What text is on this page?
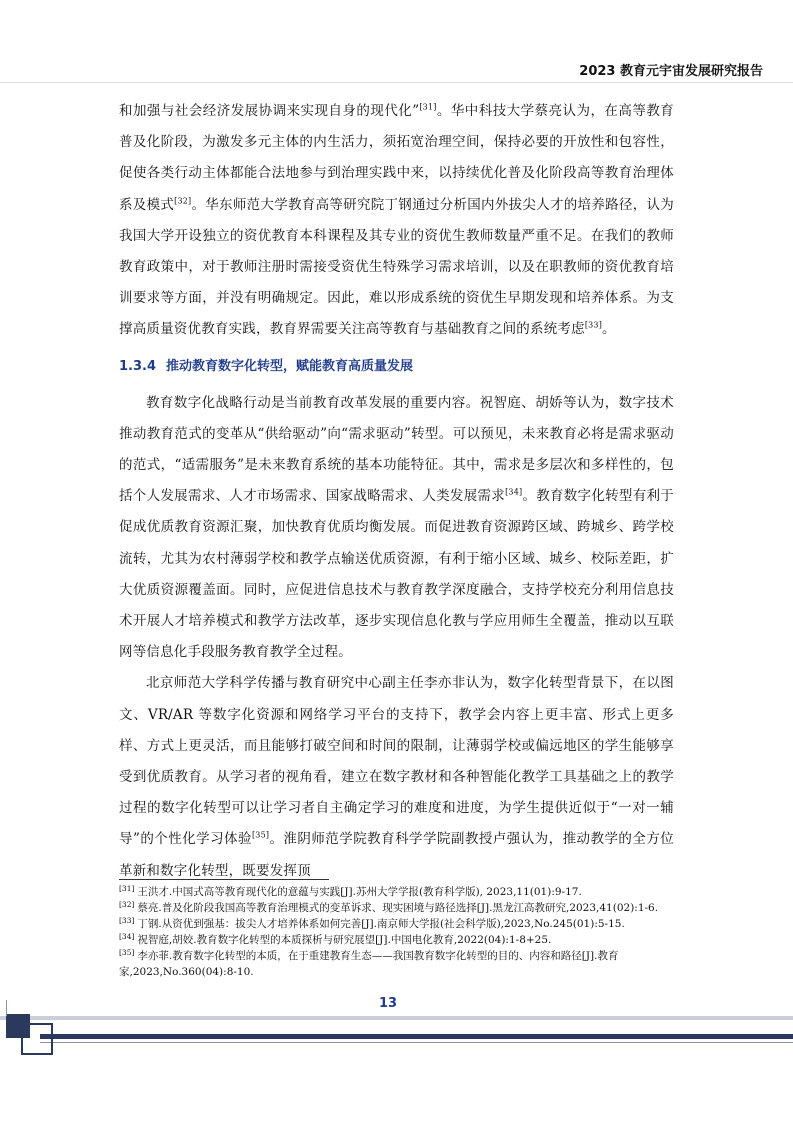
2023 教育元宇宙发展研究报告

和加强与社会经济发展协调来实现自身的现代化”[31]。华中科技大学蔡亮认为，在高等教育普及化阶段，为激发多元主体的内生活力，须拓宽治理空间，保持必要的开放性和包容性，促使各类行动主体都能合法地参与到治理实践中来，以持续优化普及化阶段高等教育治理体系及模式[32]。华东师范大学教育高等研究院丁钢通过分析国内外拔尖人才的培养路径，认为我国大学开设独立的资优教育本科课程及其专业的资优生教师数量严重不足。在我们的教师教育政策中，对于教师注册时需接受资优生特殊学习需求培训，以及在职教师的资优教育培训要求等方面，并没有明确规定。因此，难以形成系统的资优生早期发现和培养体系。为支撑高质量资优教育实践，教育界需要关注高等教育与基础教育之间的系统考虑[33]。

1.3.4 推动教育数字化转型，赋能教育高质量发展

教育数字化战略行动是当前教育改革发展的重要内容。祝智庭、胡娇等认为，数字技术推动教育范式的变革从“供给驱动”向“需求驱动”转型。可以预见，未来教育必将是需求驱动的范式，“适需服务”是未来教育系统的基本功能特征。其中，需求是多层次和多样性的，包括个人发展需求、人才市场需求、国家战略需求、人类发展需求[34]。教育数字化转型有利于促成优质教育资源汇聚，加快教育优质均衡发展。而促进教育资源跨区域、跨城乡、跨学校流转，尤其为农村薄弱学校和教学点输送优质资源，有利于缩小区域、城乡、校际差距，扩大优质资源覆盖面。同时，应促进信息技术与教育教学深度融合，支持学校充分利用信息技术开展人才培养模式和教学方法改革，逐步实现信息化教与学应用师生全覆盖，推动以互联网等信息化手段服务教育教学全过程。

北京师范大学科学传播与教育研究中心副主任李亦非认为，数字化转型背景下，在以图文、VR/AR 等数字化资源和网络学习平台的支持下，教学会内容上更丰富、形式上更多样、方式上更灵活，而且能够打破空间和时间的限制，让薄弱学校或偏远地区的学生能够享受到优质教育。从学习者的视角看，建立在数字教材和各种智能化教学工具基础之上的教学过程的数字化转型可以让学习者自主确定学习的难度和进度，为学生提供近似于“一对一辅导”的个性化学习体验[35]。淮阴师范学院教育科学学院副教授卢强认为，推动教学的全方位革新和数字化转型，既要发挥顶

[31] 王洪才.中国式高等教育现代化的意蕴与实践[J].苏州大学学报(教育科学版), 2023,11(01):9-17.

[32] 蔡亮.普及化阶段我国高等教育治理模式的变革诉求、现实困境与路径选择[J].黑龙江高教研究,2023,41(02):1-6.

[33] 丁钢.从资优到强基：拔尖人才培养体系如何完善[J].南京师大学报(社会科学版),2023,No.245(01):5-15.

[34] 祝智庭,胡姣.教育数字化转型的本质探析与研究展望[J].中国电化教育,2022(04):1-8+25.

[35] 李亦菲.教育数字化转型的本质，在于重建教育生态——我国教育数字化转型的目的、内容和路径[J].教育家,2023,No.360(04):8-10.

13
